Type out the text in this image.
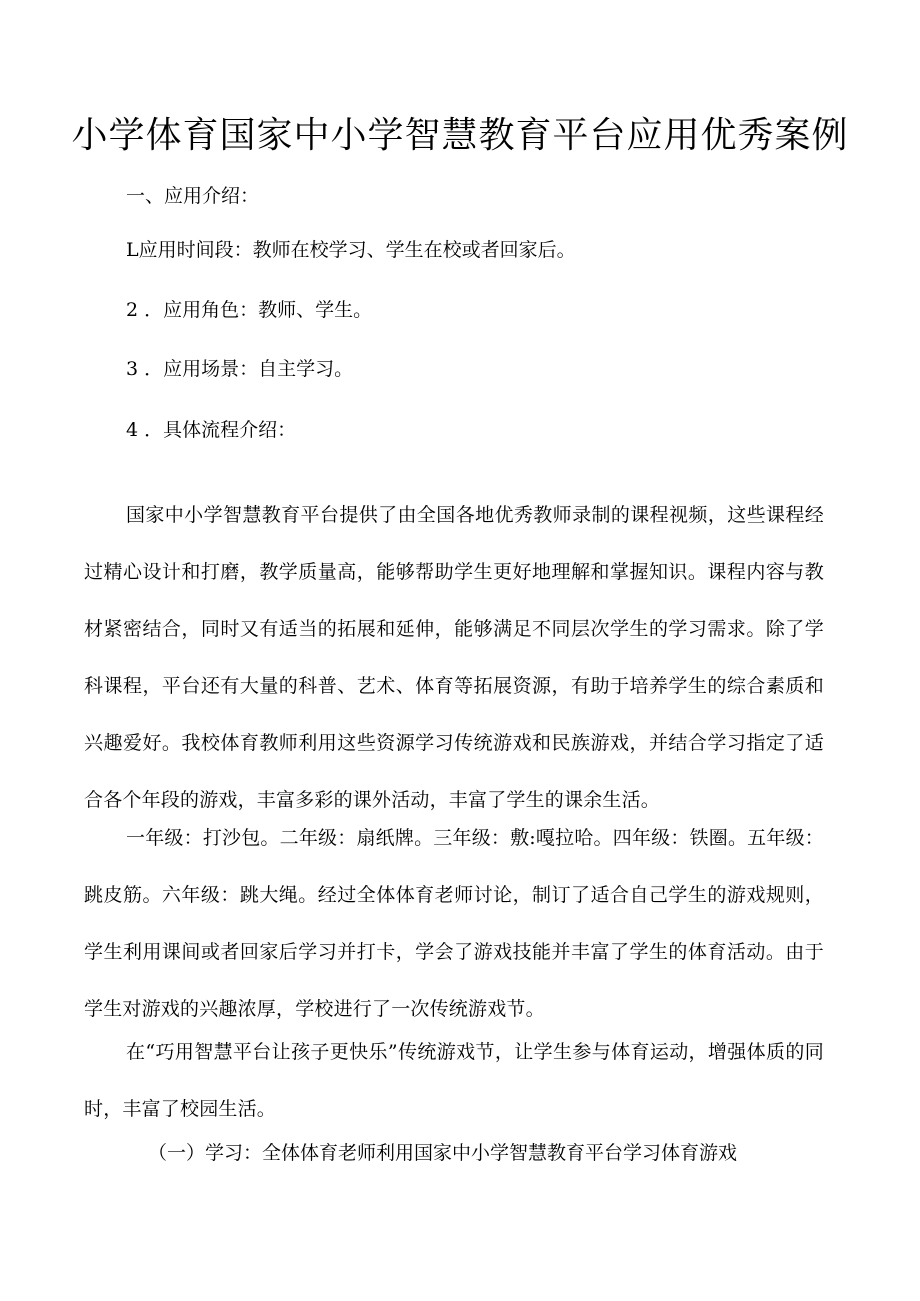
小学体育国家中小学智慧教育平台应用优秀案例

一、应用介绍：

L应用时间段：教师在校学习、学生在校或者回家后。

2 ．应用角色：教师、学生。

3 ．应用场景：自主学习。

4 ．具体流程介绍：

国家中小学智慧教育平台提供了由全国各地优秀教师录制的课程视频，这些课程经过精心设计和打磨，教学质量高，能够帮助学生更好地理解和掌握知识。课程内容与教材紧密结合，同时又有适当的拓展和延伸，能够满足不同层次学生的学习需求。除了学科课程，平台还有大量的科普、艺术、体育等拓展资源，有助于培养学生的综合素质和兴趣爱好。我校体育教师利用这些资源学习传统游戏和民族游戏，并结合学习指定了适合各个年段的游戏，丰富多彩的课外活动，丰富了学生的课余生活。

一年级：打沙包。二年级：扇纸牌。三年级：敷:嘎拉哈。四年级：铁圈。五年级：跳皮筋。六年级：跳大绳。经过全体体育老师讨论，制订了适合自己学生的游戏规则，学生利用课间或者回家后学习并打卡，学会了游戏技能并丰富了学生的体育活动。由于学生对游戏的兴趣浓厚，学校进行了一次传统游戏节。

在“巧用智慧平台让孩子更快乐”传统游戏节，让学生参与体育运动，增强体质的同时，丰富了校园生活。

（一）学习：全体体育老师利用国家中小学智慧教育平台学习体育游戏
